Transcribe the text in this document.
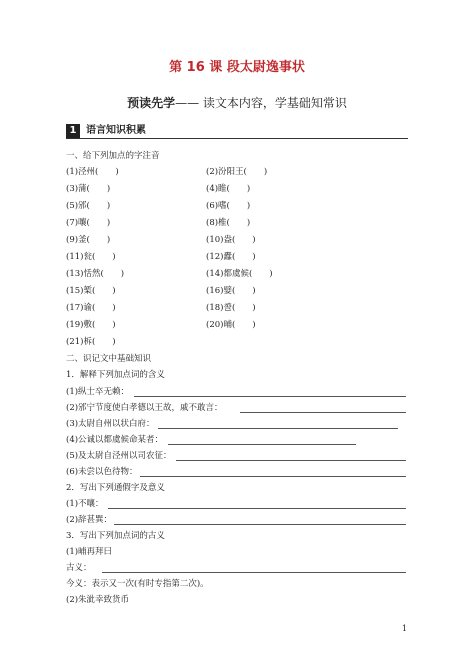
第 16 课 段太尉逸事状
预读先学—— 读文本内容，学基础知常识
1 语言知识积累
一、给下列加点的字注音
(1)泾州(　　)
(3)蒲(　　)
(5)邠(　　)
(7)嚷(　　)
(9)釜(　　)
(11)瓮(　　)
(13)恬然(　　)
(15)椠(　　)
(17)谕(　　)
(19)敷(　　)
(21)柝(　　)
(2)汾阳王(　　)
(4)睢(　　)
(6)嗜(　　)
(8)椎(　　)
(10)盎(　　)
(12)蠹(　　)
(14)都虞候(　　)
(16)嬖(　　)
(18)巹(　　)
(20)晡(　　)
二、识记文中基础知识
1．解释下列加点词的含义
(1)纵士卒无赖：
(2)邠宁节度使白孝德以王故，戚不敢言：
(3)太尉自州以状白府：
(4)公诚以都虞候命某者：
(5)及太尉自泾州以司农征：
(6)未尝以色待物：
2．写出下列通假字及意义
(1)不嚷：
(2)辞甚巽：
3．写出下列加点词的古义
(1)晡再拜曰
古义：
今义：表示又一次(有时专指第二次)。
(2)朱泚幸致货币
1
